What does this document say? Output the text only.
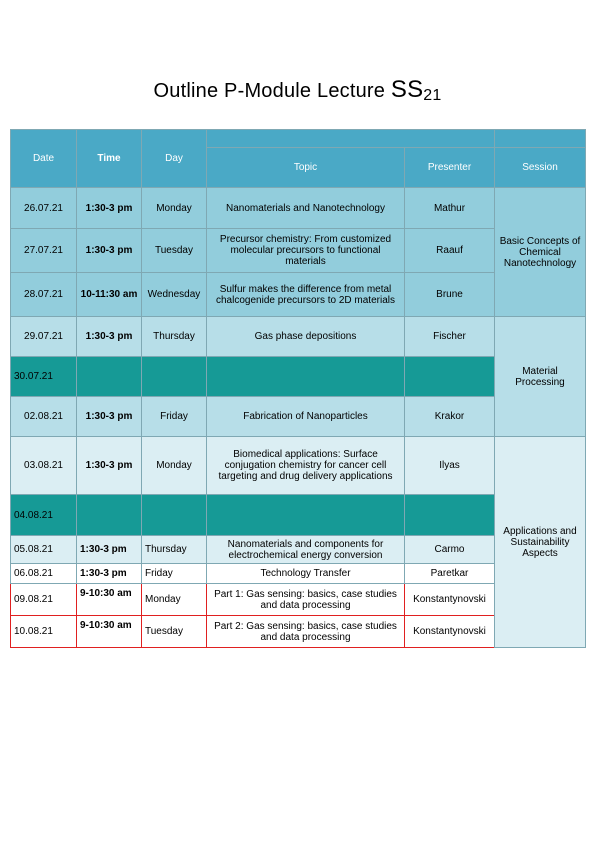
Outline P-Module Lecture SS21
Date	Time	Day			
			Topic	Presenter	Session
26.07.21	1:30-3 pm	Monday	Nanomaterials and Nanotechnology	Mathur	Basic Concepts of Chemical Nanotechnology
27.07.21	1:30-3 pm	Tuesday	Precursor chemistry: From customized molecular precursors to functional materials	Raauf	
28.07.21	10-11:30 am	Wednesday	Sulfur makes the difference from metal chalcogenide precursors to 2D materials	Brune	
29.07.21	1:30-3 pm	Thursday	Gas phase depositions	Fischer	Material Processing
30.07.21					
02.08.21	1:30-3 pm	Friday	Fabrication of Nanoparticles	Krakor	
03.08.21	1:30-3 pm	Monday	Biomedical applications: Surface conjugation chemistry for cancer cell targeting and drug delivery applications	Ilyas	Applications and Sustainability Aspects
04.08.21					
05.08.21	1:30-3 pm	Thursday	Nanomaterials and components for electrochemical energy conversion	Carmo	
06.08.21	1:30-3 pm	Friday	Technology Transfer	Paretkar	
09.08.21	9-10:30 am	Monday	Part 1: Gas sensing: basics, case studies and data processing	Konstantynovski	
10.08.21	9-10:30 am	Tuesday	Part 2: Gas sensing: basics, case studies and data processing	Konstantynovski	
